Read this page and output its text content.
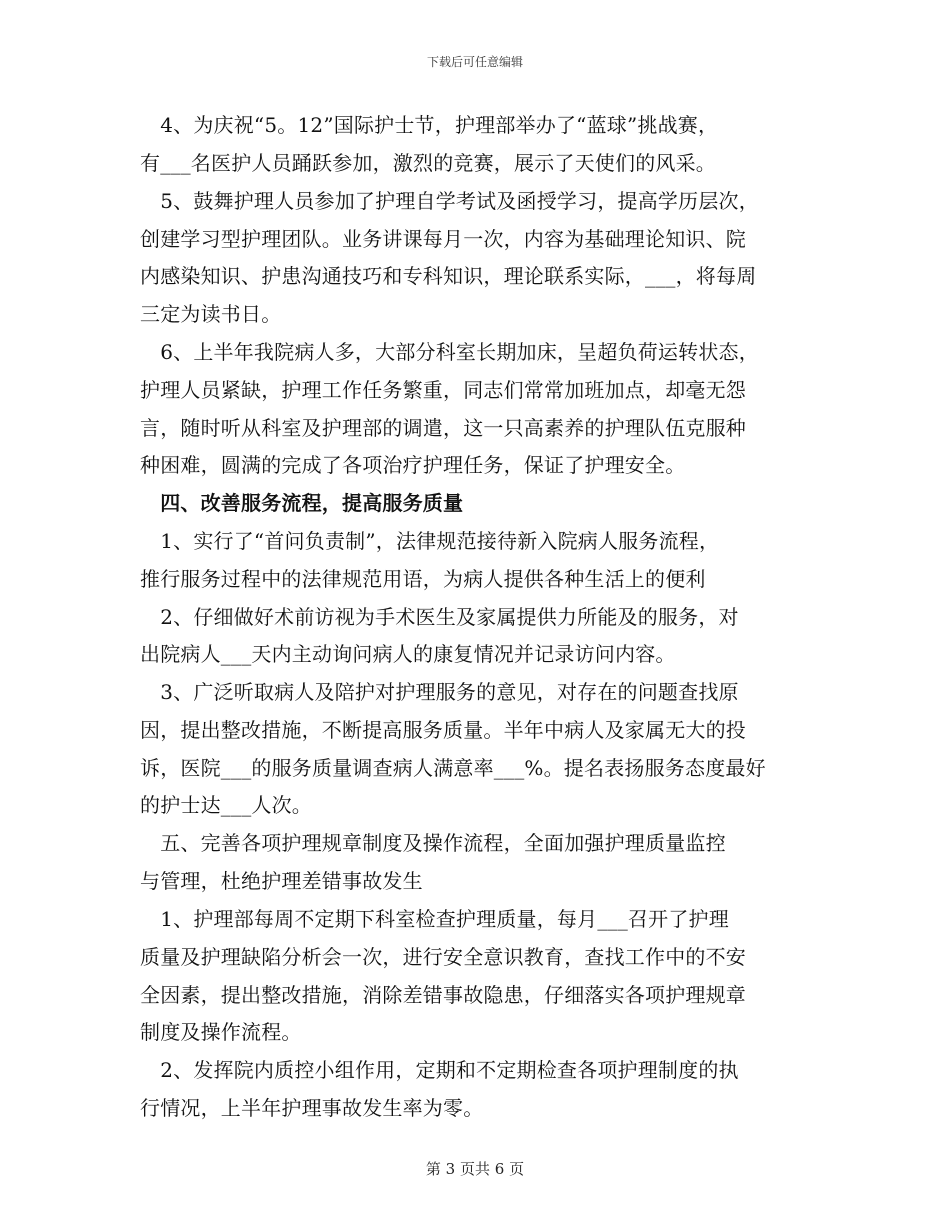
下载后可任意编辑
　4、为庆祝“5。12”国际护士节，护理部举办了“蓝球”挑战赛，
有___名医护人员踊跃参加，激烈的竞赛，展示了天使们的风采。
　5、鼓舞护理人员参加了护理自学考试及函授学习，提高学历层次，
创建学习型护理团队。业务讲课每月一次，内容为基础理论知识、院
内感染知识、护患沟通技巧和专科知识，理论联系实际，___，将每周
三定为读书日。
　6、上半年我院病人多，大部分科室长期加床，呈超负荷运转状态，
护理人员紧缺，护理工作任务繁重，同志们常常加班加点，却毫无怨
言，随时听从科室及护理部的调遣，这一只高素养的护理队伍克服种
种困难，圆满的完成了各项治疗护理任务，保证了护理安全。
　四、改善服务流程，提高服务质量
　1、实行了“首问负责制”，法律规范接待新入院病人服务流程，
推行服务过程中的法律规范用语，为病人提供各种生活上的便利
　2、仔细做好术前访视为手术医生及家属提供力所能及的服务，对
出院病人___天内主动询问病人的康复情况并记录访问内容。
　3、广泛听取病人及陪护对护理服务的意见，对存在的问题查找原
因，提出整改措施，不断提高服务质量。半年中病人及家属无大的投
诉，医院___的服务质量调查病人满意率___%。提名表扬服务态度最好
的护士达___人次。
　五、完善各项护理规章制度及操作流程，全面加强护理质量监控
与管理，杜绝护理差错事故发生
　1、护理部每周不定期下科室检查护理质量，每月___召开了护理
质量及护理缺陷分析会一次，进行安全意识教育，查找工作中的不安
全因素，提出整改措施，消除差错事故隐患，仔细落实各项护理规章
制度及操作流程。
　2、发挥院内质控小组作用，定期和不定期检查各项护理制度的执
行情况，上半年护理事故发生率为零。
第 3 页共 6 页
